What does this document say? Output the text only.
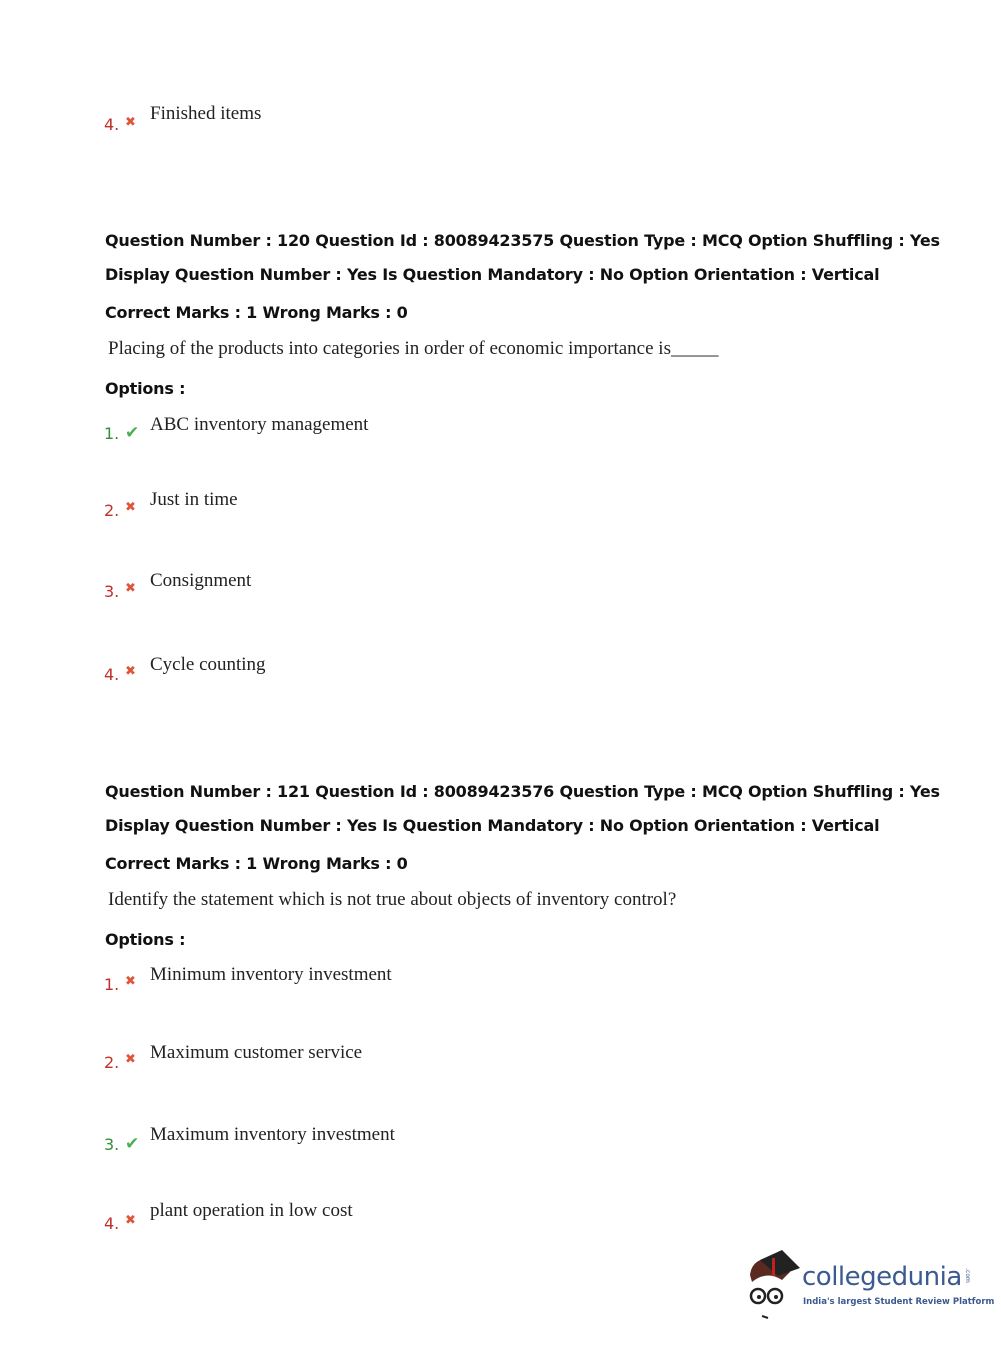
4. ✖ Finished items
Question Number : 120 Question Id : 80089423575 Question Type : MCQ Option Shuffling : Yes
Display Question Number : Yes Is Question Mandatory : No Option Orientation : Vertical
Correct Marks : 1 Wrong Marks : 0
Placing of the products into categories in order of economic importance is_____
Options :
1. ✔ ABC inventory management
2. ✖ Just in time
3. ✖ Consignment
4. ✖ Cycle counting
Question Number : 121 Question Id : 80089423576 Question Type : MCQ Option Shuffling : Yes
Display Question Number : Yes Is Question Mandatory : No Option Orientation : Vertical
Correct Marks : 1 Wrong Marks : 0
Identify the statement which is not true about objects of inventory control?
Options :
1. ✖ Minimum inventory investment
2. ✖ Maximum customer service
3. ✔ Maximum inventory investment
4. ✖ plant operation in low cost
collegedunia .com
India's largest Student Review Platform
